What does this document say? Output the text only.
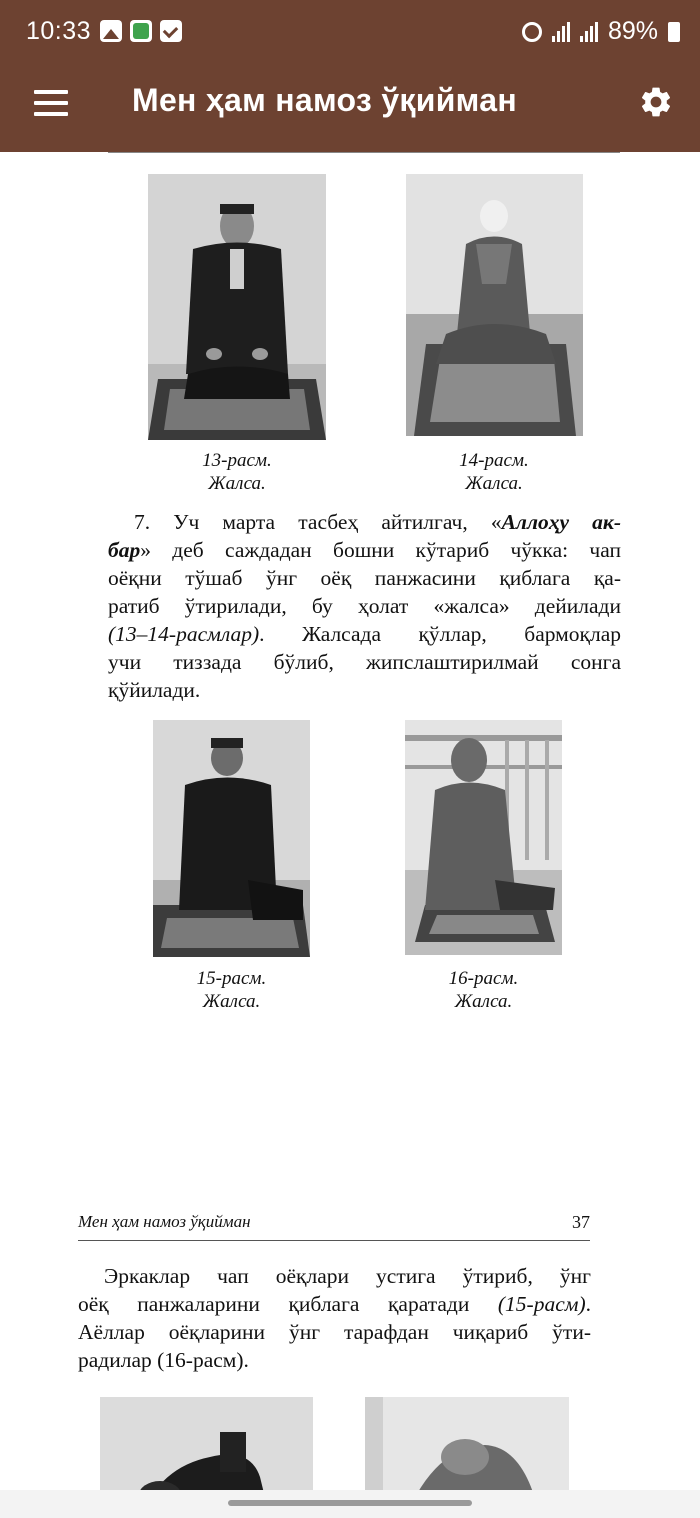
10:33	89%
Мен ҳам намоз ўқийман
13-расм.
Жалса.
14-расм.
Жалса.
7. Уч марта тасбеҳ айтилгач, «Аллоҳу ак-
бар» деб саждадан бошни кўтариб чўкка: чап
оёқни тўшаб ўнг оёқ панжасини қиблага қа-
ратиб ўтирилади, бу ҳолат «жалса» дейилади
(13–14-расмлар). Жалсада қўллар, бармоқлар
учи тиззада бўлиб, жипслаштирилмай сонга
қўйилади.
15-расм.
Жалса.
16-расм.
Жалса.
Мен ҳам намоз ўқийман	37
Эркаклар чап оёқлари устига ўтириб, ўнг
оёқ панжаларини қиблага қаратади (15-расм).
Аёллар оёқларини ўнг тарафдан чиқариб ўти-
радилар (16-расм).
